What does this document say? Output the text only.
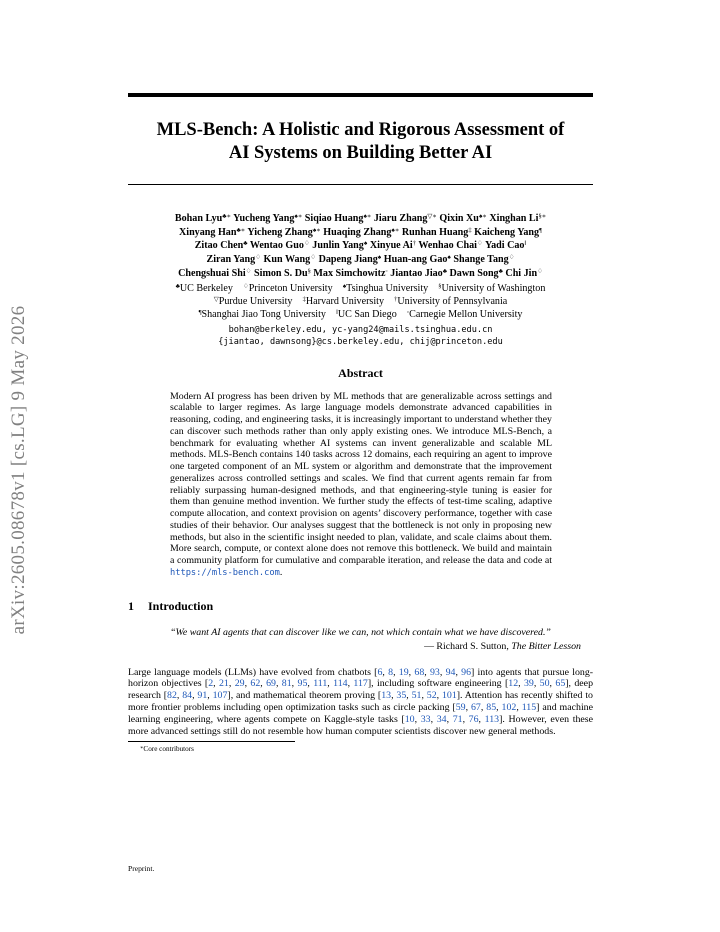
arXiv:2605.08678v1 [cs.LG] 9 May 2026
MLS-Bench: A Holistic and Rigorous Assessment of
AI Systems on Building Better AI
Bohan Lyu♣∗ Yucheng Yang♠∗ Siqiao Huang♠∗ Jiaru Zhang▽∗ Qixin Xu♠∗ Xinghan Li§∗
Xinyang Han♣∗ Yicheng Zhang♠∗ Huaqing Zhang♠∗ Runhan Huang‡ Kaicheng Yang¶
Zitao Chen♣ Wentao Guo♢ Junlin Yang♠ Xinyue Ai† Wenhao Chai♢ Yadi Cao‖
Ziran Yang♢ Kun Wang♢ Dapeng Jiang♠ Huan-ang Gao♠ Shange Tang♢
Chengshuai Shi♢ Simon S. Du§ Max Simchowitz◦ Jiantao Jiao♣ Dawn Song♣ Chi Jin♢
♣UC Berkeley  ♢Princeton University  ♠Tsinghua University  §University of Washington
▽Purdue University  ‡Harvard University  †University of Pennsylvania
¶Shanghai Jiao Tong University  ‖UC San Diego  ◦Carnegie Mellon University
bohan@berkeley.edu, yc-yang24@mails.tsinghua.edu.cn
{jiantao, dawnsong}@cs.berkeley.edu, chij@princeton.edu
Abstract
Modern AI progress has been driven by ML methods that are generalizable across settings and scalable to larger regimes. As large language models demonstrate advanced capabilities in reasoning, coding, and engineering tasks, it is increasingly important to understand whether they can discover such methods rather than only apply existing ones. We introduce MLS-Bench, a benchmark for evaluating whether AI systems can invent generalizable and scalable ML methods. MLS-Bench contains 140 tasks across 12 domains, each requiring an agent to improve one targeted component of an ML system or algorithm and demonstrate that the improvement generalizes across controlled settings and scales. We find that current agents remain far from reliably surpassing human-designed methods, and that engineering-style tuning is easier for them than genuine method invention. We further study the effects of test-time scaling, adaptive compute allocation, and context provision on agents’ discovery performance, together with case studies of their behavior. Our analyses suggest that the bottleneck is not only in proposing new methods, but also in the scientific insight needed to plan, validate, and scale claims about them. More search, compute, or context alone does not remove this bottleneck. We build and maintain a community platform for cumulative and comparable iteration, and release the data and code at https://mls-bench.com.
1 Introduction
“We want AI agents that can discover like we can, not which contain what we have discovered.”
— Richard S. Sutton, The Bitter Lesson
Large language models (LLMs) have evolved from chatbots [6, 8, 19, 68, 93, 94, 96] into agents that pursue long-horizon objectives [2, 21, 29, 62, 69, 81, 95, 111, 114, 117], including software engineering [12, 39, 50, 65], deep research [82, 84, 91, 107], and mathematical theorem proving [13, 35, 51, 52, 101]. Attention has recently shifted to more frontier problems including open optimization tasks such as circle packing [59, 67, 85, 102, 115] and machine learning engineering, where agents compete on Kaggle-style tasks [10, 33, 34, 71, 76, 113]. However, even these more advanced settings still do not resemble how human computer scientists discover new general methods.
∗Core contributors
Preprint.
